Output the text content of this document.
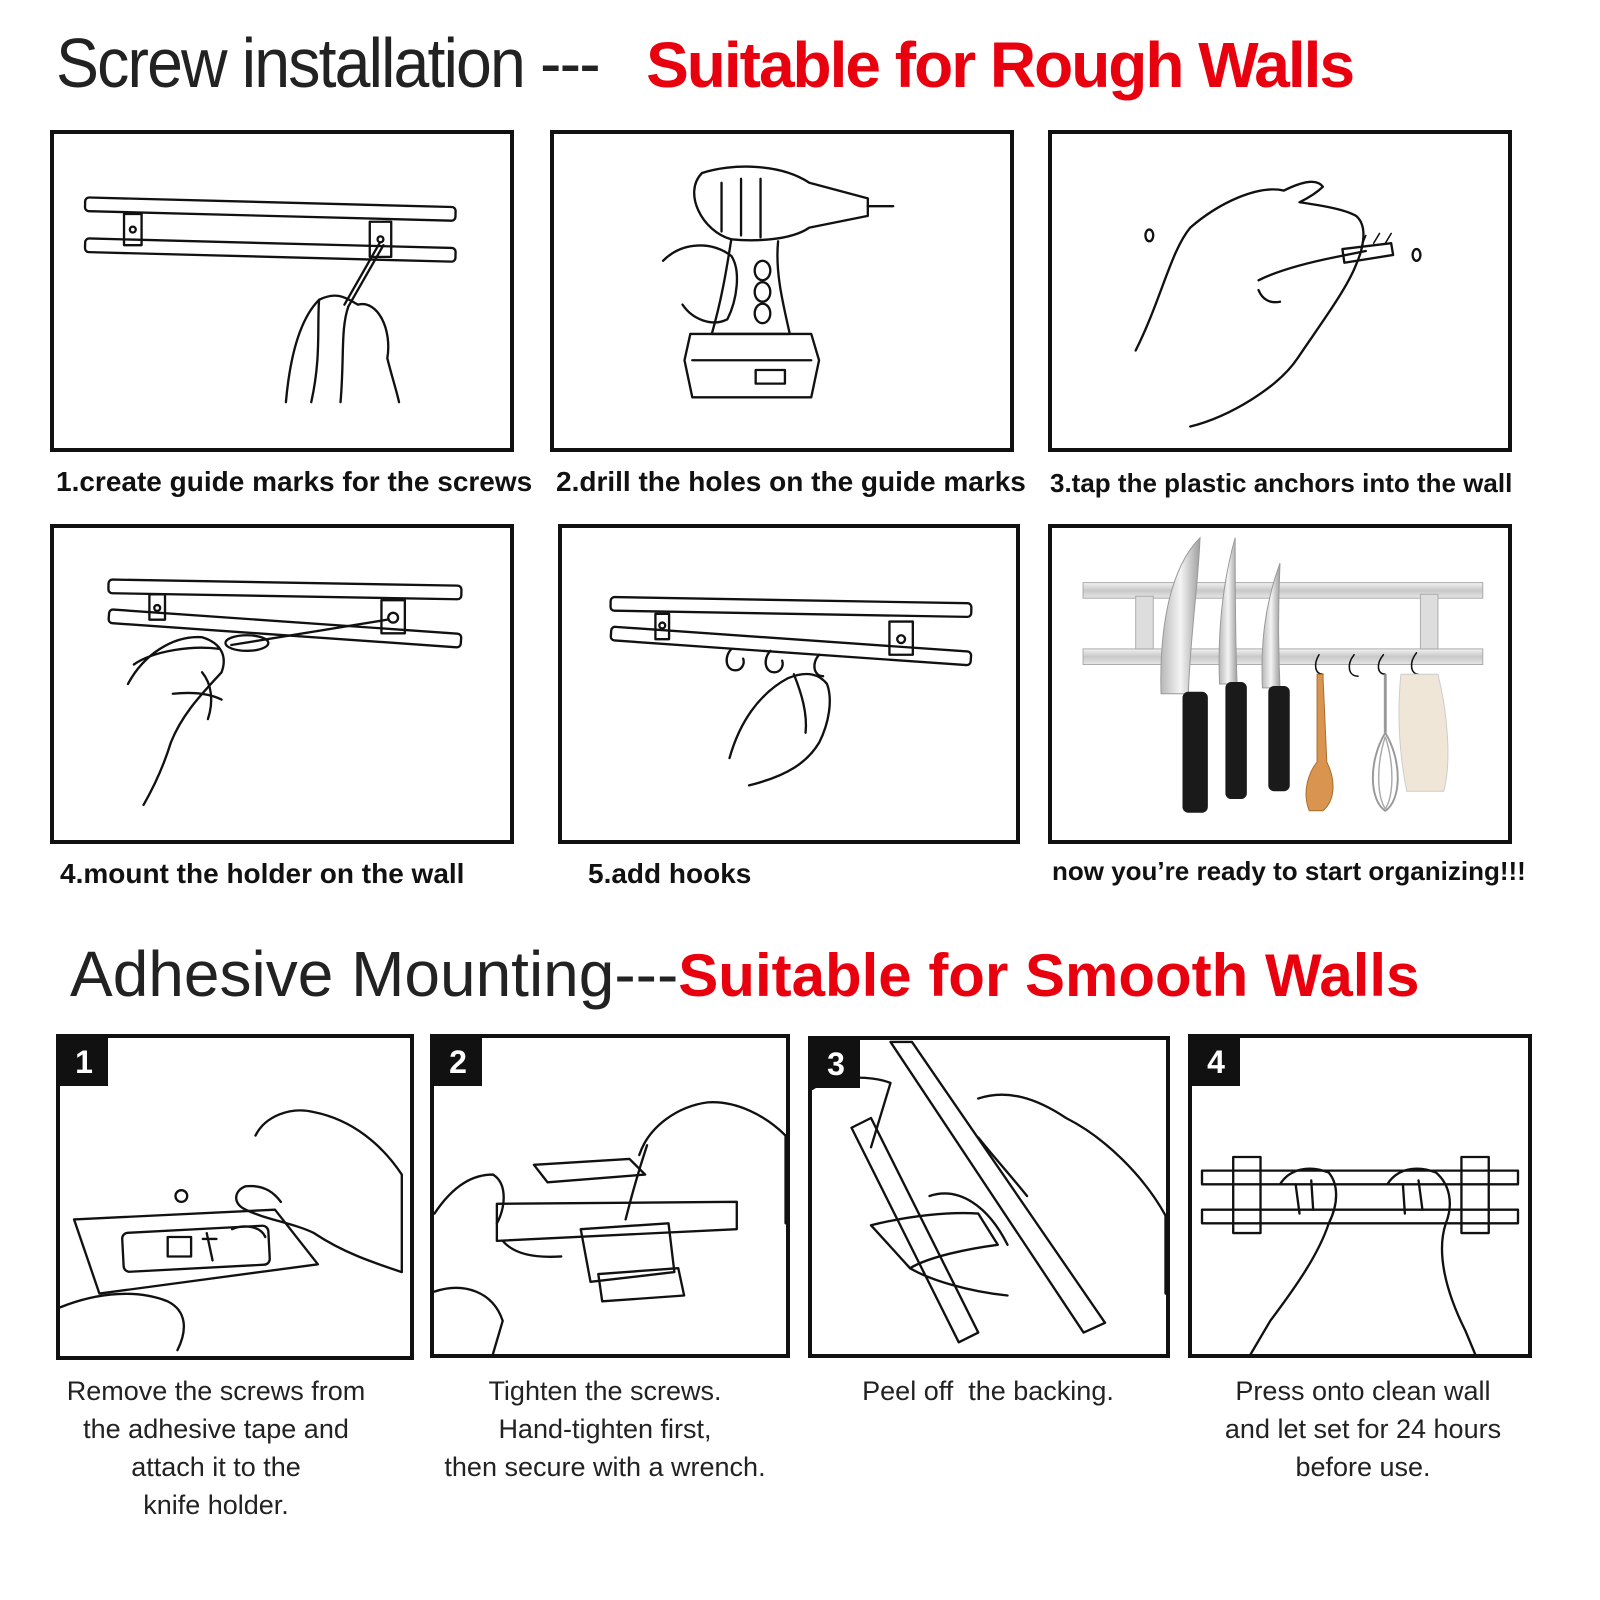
Screw installation --- Suitable for Rough Walls
1.create guide marks for the screws 2.drill the holes on the guide marks 3.tap the plastic anchors into the wall
4.mount the holder on the wall	5.add hooks	now you’re ready to start organizing!!!
Adhesive Mounting---Suitable for Smooth Walls
1	2	3	4
Remove the screws from
the adhesive tape and
attach it to the
knife holder.
Tighten the screws.
Hand-tighten first,
then secure with a wrench.
Peel off  the backing.	Press onto clean wall
and let set for 24 hours
before use.
